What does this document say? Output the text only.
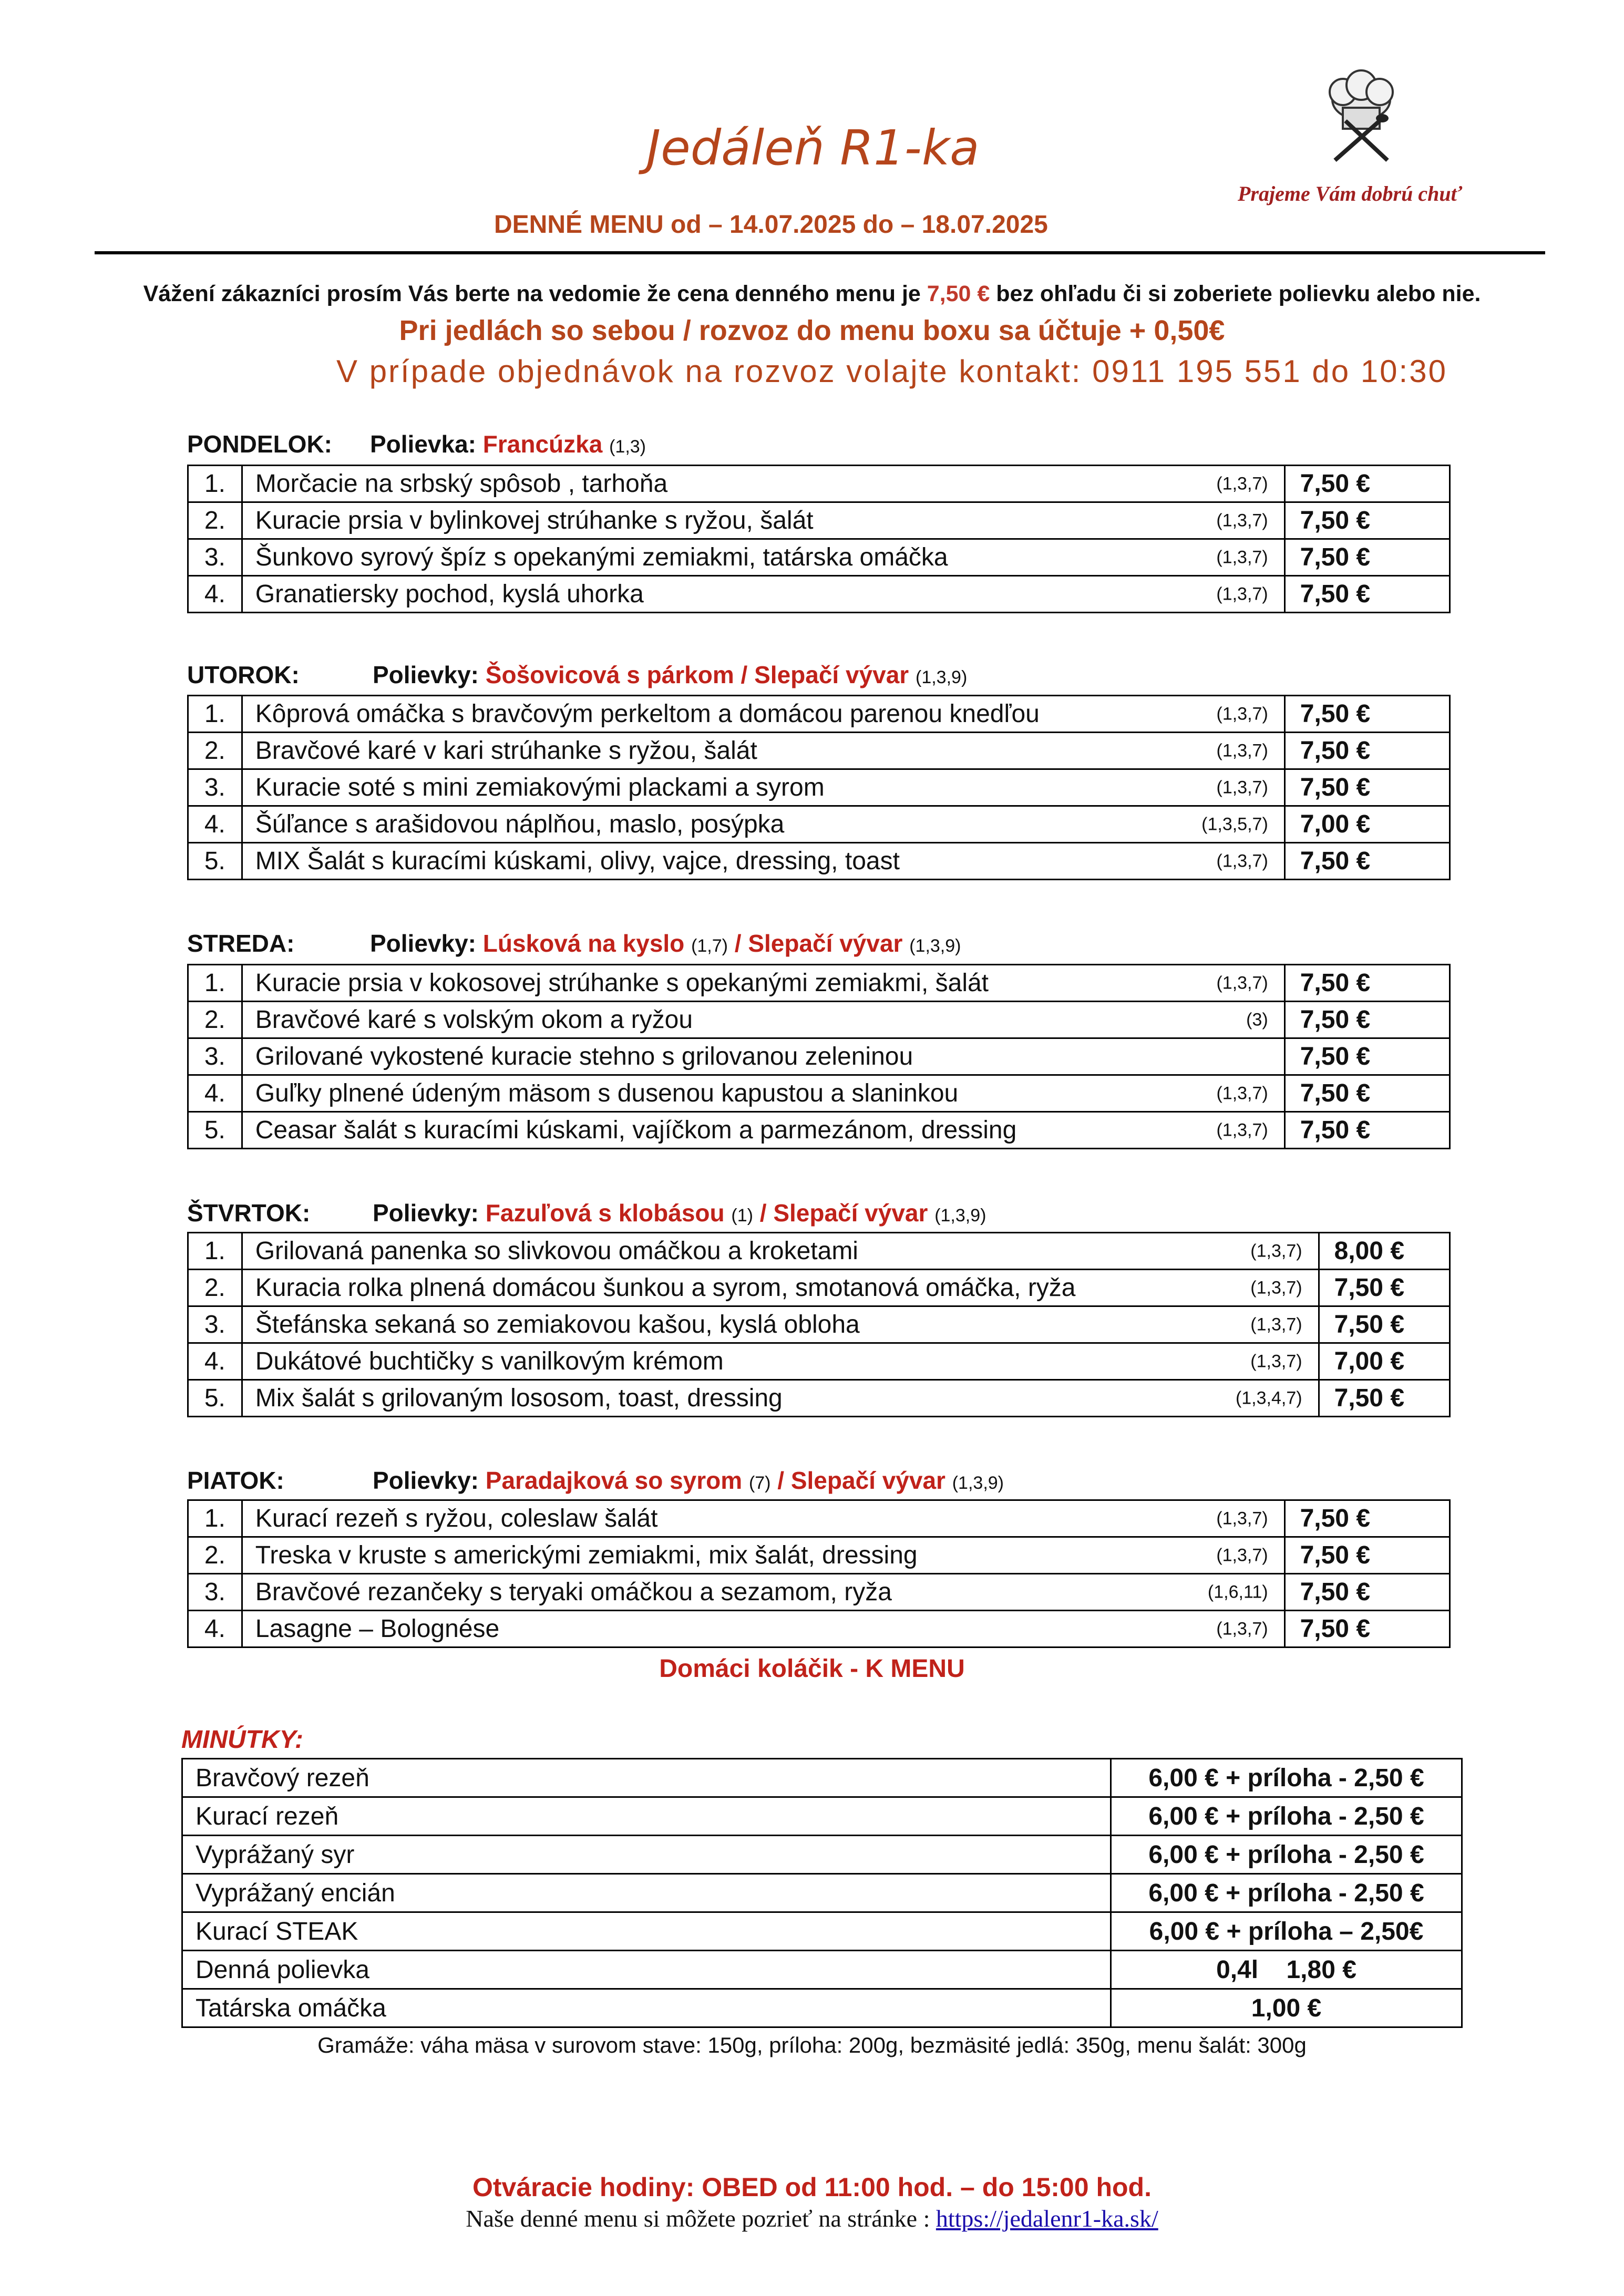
Jedáleň R1-ka
DENNÉ MENU od – 14.07.2025 do – 18.07.2025
Prajeme Vám dobrú chuť
Vážení zákazníci prosím Vás berte na vedomie že cena denného menu je 7,50 € bez ohľadu či si zoberiete polievku alebo nie.
Pri jedlách so sebou / rozvoz do menu boxu sa účtuje + 0,50€
V prípade objednávok na rozvoz volajte kontakt: 0911 195 551 do 10:30
PONDELOK: Polievka: Francúzka (1,3)
1.	Morčacie na srbský spôsob , tarhoňa (1,3,7)	7,50 €
2.	Kuracie prsia v bylinkovej strúhanke s ryžou, šalát (1,3,7)	7,50 €
3.	Šunkovo syrový špíz s opekanými zemiakmi, tatárska omáčka (1,3,7)	7,50 €
4.	Granatiersky pochod, kyslá uhorka (1,3,7)	7,50 €
UTOROK:	Polievky: Šošovicová s párkom / Slepačí vývar (1,3,9)
1.	Kôprová omáčka s bravčovým perkeltom a domácou parenou knedľou (1,3,7)	7,50 €
2.	Bravčové karé v kari strúhanke s ryžou, šalát (1,3,7)	7,50 €
3.	Kuracie soté s mini zemiakovými plackami a syrom (1,3,7)	7,50 €
4.	Šúľance s arašidovou náplňou, maslo, posýpka (1,3,5,7)	7,00 €
5.	MIX Šalát s kuracími kúskami, olivy, vajce, dressing, toast (1,3,7)	7,50 €
STREDA:	Polievky: Lúsková na kyslo (1,7) / Slepačí vývar (1,3,9)
1.	Kuracie prsia v kokosovej strúhanke s opekanými zemiakmi, šalát (1,3,7)	7,50 €
2.	Bravčové karé s volským okom a ryžou (3)	7,50 €
3.	Grilované vykostené kuracie stehno s grilovanou zeleninou	7,50 €
4.	Guľky plnené údeným mäsom s dusenou kapustou a slaninkou (1,3,7)	7,50 €
5.	Ceasar šalát s kuracími kúskami, vajíčkom a parmezánom, dressing (1,3,7)	7,50 €
ŠTVRTOK:	Polievky: Fazuľová s klobásou (1) / Slepačí vývar (1,3,9)
1.	Grilovaná panenka so slivkovou omáčkou a kroketami (1,3,7)	8,00 €
2.	Kuracia rolka plnená domácou šunkou a syrom, smotanová omáčka, ryža (1,3,7)	7,50 €
3.	Štefánska sekaná so zemiakovou kašou, kyslá obloha (1,3,7)	7,50 €
4.	Dukátové buchtičky s vanilkovým krémom (1,3,7)	7,00 €
5.	Mix šalát s grilovaným lososom, toast, dressing (1,3,4,7)	7,50 €
PIATOK:	Polievky: Paradajková so syrom (7) / Slepačí vývar (1,3,9)
1.	Kurací rezeň s ryžou, coleslaw šalát (1,3,7)	7,50 €
2.	Treska v kruste s americkými zemiakmi, mix šalát, dressing (1,3,7)	7,50 €
3.	Bravčové rezančeky s teryaki omáčkou a sezamom, ryža (1,6,11)	7,50 €
4.	Lasagne – Bolognése (1,3,7)	7,50 €
Domáci koláčik - K MENU
MINÚTKY:
Bravčový rezeň	6,00 € + príloha - 2,50 €
Kurací rezeň	6,00 € + príloha - 2,50 €
Vyprážaný syr	6,00 € + príloha - 2,50 €
Vyprážaný encián	6,00 € + príloha - 2,50 €
Kurací STEAK	6,00 € + príloha – 2,50€
Denná polievka	0,4l    1,80 €
Tatárska omáčka	1,00 €
Gramáže: váha mäsa v surovom stave: 150g, príloha: 200g, bezmäsité jedlá: 350g, menu šalát: 300g
Otváracie hodiny: OBED od 11:00 hod. – do 15:00 hod.
Naše denné menu si môžete pozrieť na stránke : https://jedalenr1-ka.sk/
